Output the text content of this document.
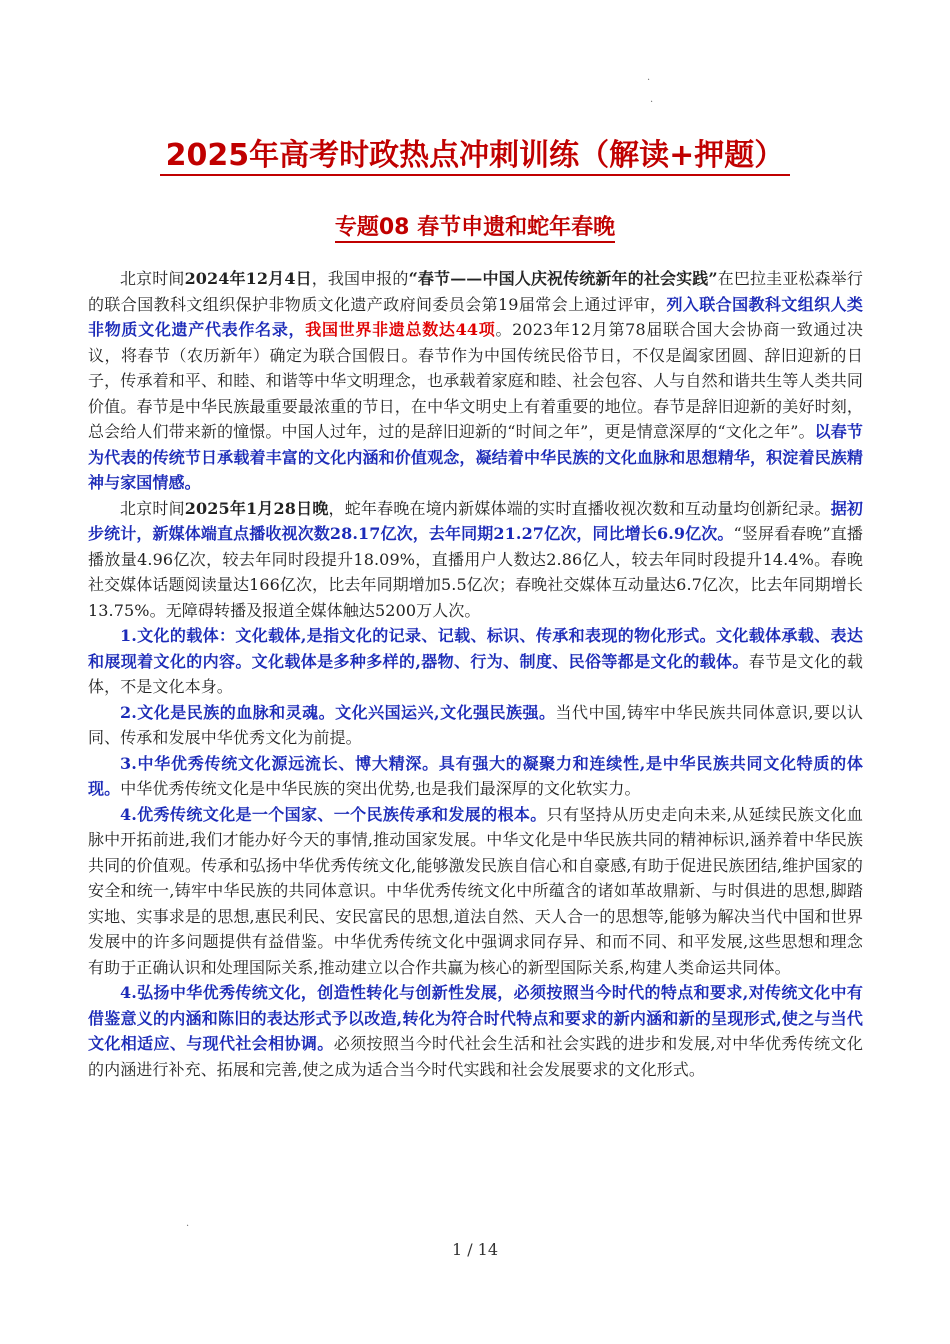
·
·
2025年高考时政热点冲刺训练（解读+押题）
专题08 春节申遗和蛇年春晚

北京时间2024年12月4日，我国申报的“春节——中国人庆祝传统新年的社会实践”在巴拉圭亚松森举行的联合国教科文组织保护非物质文化遗产政府间委员会第19届常会上通过评审，列入联合国教科文组织人类非物质文化遗产代表作名录，我国世界非遗总数达44项。2023年12月第78届联合国大会协商一致通过决议，将春节（农历新年）确定为联合国假日。春节作为中国传统民俗节日，不仅是阖家团圆、辞旧迎新的日子，传承着和平、和睦、和谐等中华文明理念，也承载着家庭和睦、社会包容、人与自然和谐共生等人类共同价值。春节是中华民族最重要最浓重的节日，在中华文明史上有着重要的地位。春节是辞旧迎新的美好时刻，总会给人们带来新的憧憬。中国人过年，过的是辞旧迎新的“时间之年”，更是情意深厚的“文化之年”。以春节为代表的传统节日承载着丰富的文化内涵和价值观念，凝结着中华民族的文化血脉和思想精华，积淀着民族精神与家国情感。

北京时间2025年1月28日晚，蛇年春晚在境内新媒体端的实时直播收视次数和互动量均创新纪录。据初步统计，新媒体端直点播收视次数28.17亿次，去年同期21.27亿次，同比增长6.9亿次。“竖屏看春晚”直播播放量4.96亿次，较去年同时段提升18.09%，直播用户人数达2.86亿人，较去年同时段提升14.4%。春晚社交媒体话题阅读量达166亿次，比去年同期增加5.5亿次；春晚社交媒体互动量达6.7亿次，比去年同期增长13.75%。无障碍转播及报道全媒体触达5200万人次。

1.文化的载体：文化载体,是指文化的记录、记载、标识、传承和表现的物化形式。文化载体承载、表达和展现着文化的内容。文化载体是多种多样的,器物、行为、制度、民俗等都是文化的载体。春节是文化的载体，不是文化本身。

2.文化是民族的血脉和灵魂。文化兴国运兴,文化强民族强。当代中国,铸牢中华民族共同体意识,要以认同、传承和发展中华优秀文化为前提。

3.中华优秀传统文化源远流长、博大精深。具有强大的凝聚力和连续性,是中华民族共同文化特质的体现。中华优秀传统文化是中华民族的突出优势,也是我们最深厚的文化软实力。

4.优秀传统文化是一个国家、一个民族传承和发展的根本。只有坚持从历史走向未来,从延续民族文化血脉中开拓前进,我们才能办好今天的事情,推动国家发展。中华文化是中华民族共同的精神标识,涵养着中华民族共同的价值观。传承和弘扬中华优秀传统文化,能够激发民族自信心和自豪感,有助于促进民族团结,维护国家的安全和统一,铸牢中华民族的共同体意识。中华优秀传统文化中所蕴含的诸如革故鼎新、与时俱进的思想,脚踏实地、实事求是的思想,惠民利民、安民富民的思想,道法自然、天人合一的思想等,能够为解决当代中国和世界发展中的许多问题提供有益借鉴。中华优秀传统文化中强调求同存异、和而不同、和平发展,这些思想和理念有助于正确认识和处理国际关系,推动建立以合作共赢为核心的新型国际关系,构建人类命运共同体。

4.弘扬中华优秀传统文化，创造性转化与创新性发展，必须按照当今时代的特点和要求,对传统文化中有借鉴意义的内涵和陈旧的表达形式予以改造,转化为符合时代特点和要求的新内涵和新的呈现形式,使之与当代文化相适应、与现代社会相协调。必须按照当今时代社会生活和社会实践的进步和发展,对中华优秀传统文化的内涵进行补充、拓展和完善,使之成为适合当今时代实践和社会发展要求的文化形式。

·
1 / 14
